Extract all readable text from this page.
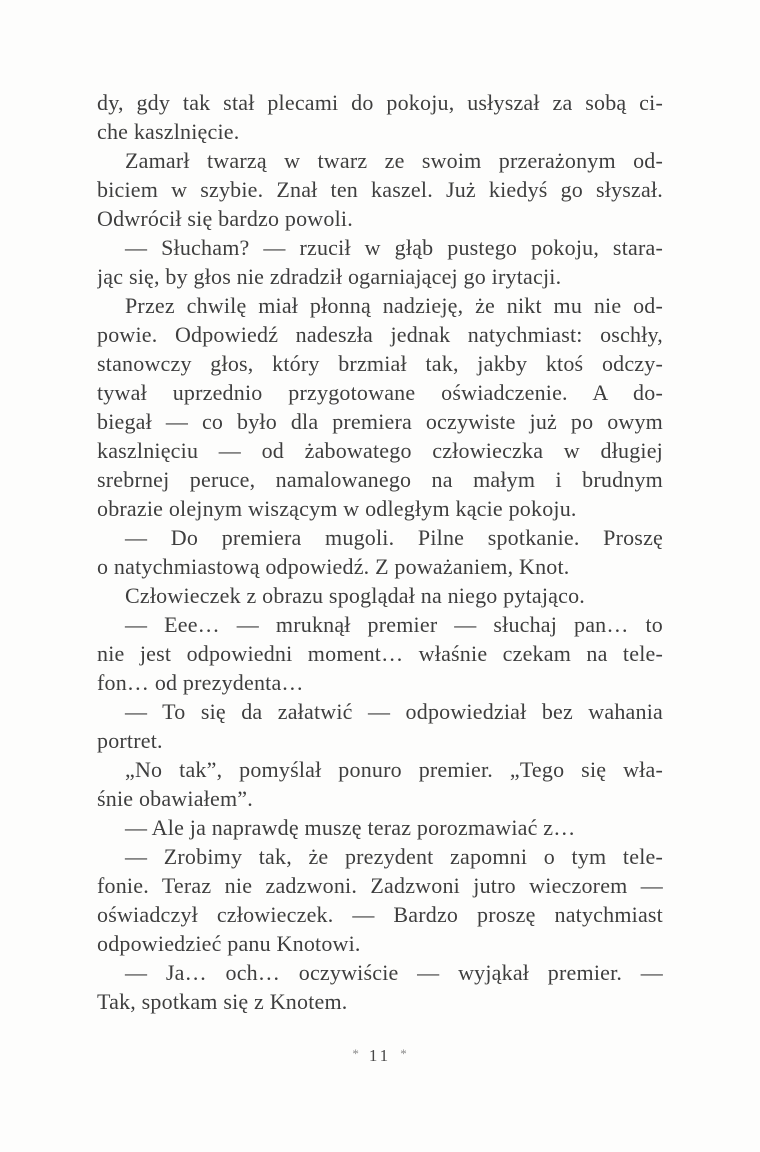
dy, gdy tak stał plecami do pokoju, usłyszał za sobą ci-
che kaszlnięcie.
Zamarł twarzą w twarz ze swoim przerażonym od-
biciem w szybie. Znał ten kaszel. Już kiedyś go słyszał.
Odwrócił się bardzo powoli.
— Słucham? — rzucił w głąb pustego pokoju, stara-
jąc się, by głos nie zdradził ogarniającej go irytacji.
Przez chwilę miał płonną nadzieję, że nikt mu nie od-
powie. Odpowiedź nadeszła jednak natychmiast: oschły,
stanowczy głos, który brzmiał tak, jakby ktoś odczy-
tywał uprzednio przygotowane oświadczenie. A do-
biegał — co było dla premiera oczywiste już po owym
kaszlnięciu — od żabowatego człowieczka w długiej
srebrnej peruce, namalowanego na małym i brudnym
obrazie olejnym wiszącym w odległym kącie pokoju.
— Do premiera mugoli. Pilne spotkanie. Proszę
o natychmiastową odpowiedź. Z poważaniem, Knot.
Człowieczek z obrazu spoglądał na niego pytająco.
— Eee… — mruknął premier — słuchaj pan… to
nie jest odpowiedni moment… właśnie czekam na tele-
fon… od prezydenta…
— To się da załatwić — odpowiedział bez wahania
portret.
„No tak”, pomyślał ponuro premier. „Tego się wła-
śnie obawiałem”.
— Ale ja naprawdę muszę teraz porozmawiać z…
— Zrobimy tak, że prezydent zapomni o tym tele-
fonie. Teraz nie zadzwoni. Zadzwoni jutro wieczorem —
oświadczył człowieczek. — Bardzo proszę natychmiast
odpowiedzieć panu Knotowi.
— Ja… och… oczywiście — wyjąkał premier. —
Tak, spotkam się z Knotem.
* 11 *
